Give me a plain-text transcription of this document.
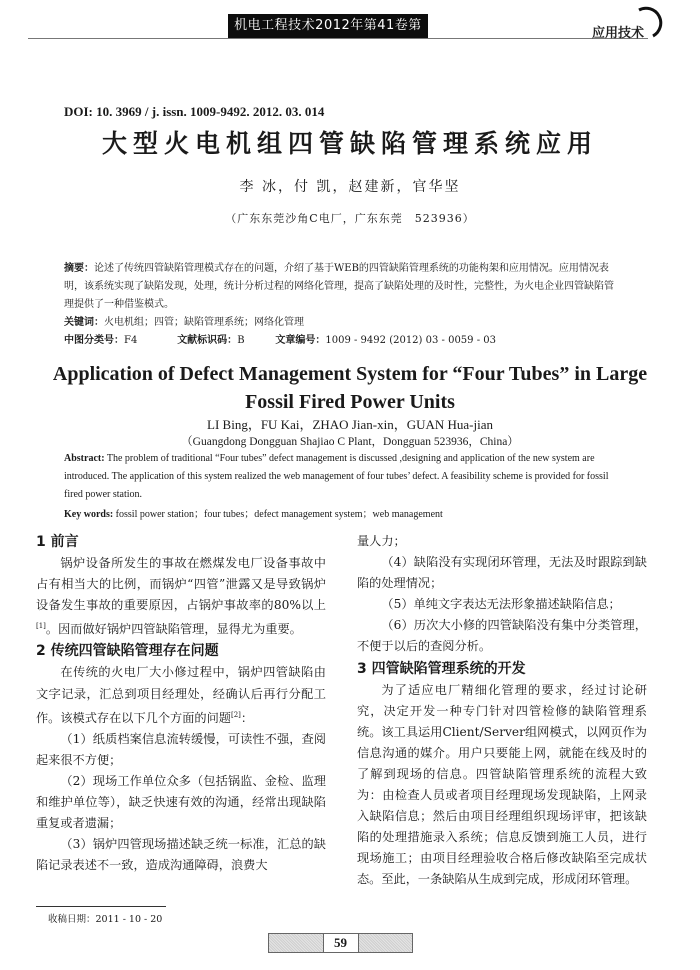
机电工程技术2012年第41卷第03期
应用技术
DOI: 10. 3969 / j. issn. 1009-9492. 2012. 03. 014
大型火电机组四管缺陷管理系统应用
李 冰，付 凯，赵建新，官华坚
（广东东莞沙角C电厂，广东东莞　523936）
摘要：论述了传统四管缺陷管理模式存在的问题，介绍了基于WEB的四管缺陷管理系统的功能构架和应用情况。应用情况表明，该系统实现了缺陷发现，处理，统计分析过程的网络化管理，提高了缺陷处理的及时性，完整性，为火电企业四管缺陷管理提供了一种借鉴模式。
关键词：火电机组；四管；缺陷管理系统；网络化管理
中图分类号：F4	文献标识码：B	文章编号：1009 - 9492 (2012) 03 - 0059 - 03
Application of Defect Management System for “Four Tubes” in Large
Fossil Fired Power Units
LI Bing，FU Kai，ZHAO Jian-xin，GUAN Hua-jian
（Guangdong Dongguan Shajiao C Plant，Dongguan 523936，China）
Abstract: The problem of traditional “Four tubes” defect management is discussed ,designing and application of the new system are introduced. The application of this system realized the web management of four tubes’ defect. A feasibility scheme is provided for fossil fired power station.
Key words: fossil power station；four tubes；defect management system；web management
1 前言

锅炉设备所发生的事故在燃煤发电厂设备事故中占有相当大的比例，而锅炉“四管”泄露又是导致锅炉设备发生事故的重要原因，占锅炉事故率的80%以上[1]。因而做好锅炉四管缺陷管理，显得尤为重要。

2 传统四管缺陷管理存在问题

在传统的火电厂大小修过程中，锅炉四管缺陷由文字记录，汇总到项目经理处，经确认后再行分配工作。该模式存在以下几个方面的问题[2]：

（1）纸质档案信息流转缓慢，可读性不强，查阅起来很不方便；

（2）现场工作单位众多（包括锅监、金检、监理和维护单位等），缺乏快速有效的沟通，经常出现缺陷重复或者遗漏；

（3）锅炉四管现场描述缺乏统一标准，汇总的缺陷记录表述不一致，造成沟通障碍，浪费大

量人力；

（4）缺陷没有实现闭环管理，无法及时跟踪到缺陷的处理情况；

（5）单纯文字表达无法形象描述缺陷信息；

（6）历次大小修的四管缺陷没有集中分类管理，不便于以后的查阅分析。

3 四管缺陷管理系统的开发

为了适应电厂精细化管理的要求，经过讨论研究，决定开发一种专门针对四管检修的缺陷管理系统。该工具运用Client/Server组网模式，以网页作为信息沟通的媒介。用户只要能上网，就能在线及时的了解到现场的信息。四管缺陷管理系统的流程大致为：由检查人员或者项目经理现场发现缺陷，上网录入缺陷信息；然后由项目经理组织现场评审，把该缺陷的处理措施录入系统；信息反馈到施工人员，进行现场施工；由项目经理验收合格后修改缺陷至完成状态。至此，一条缺陷从生成到完成，形成闭环管理。

收稿日期：2011 - 10 - 20
59
